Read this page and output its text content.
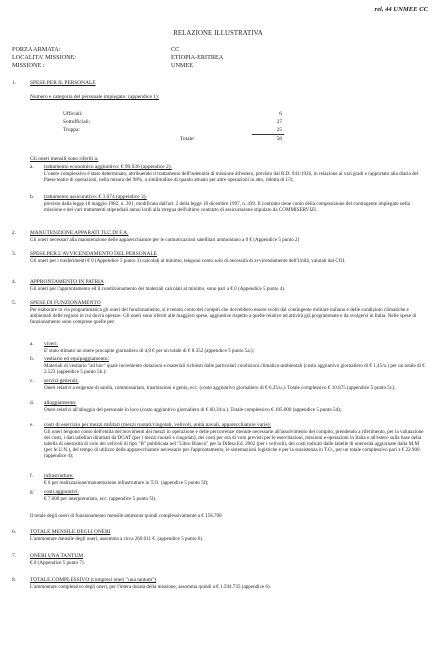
rel. 44 UNMEE CC
RELAZIONE ILLUSTRATIVA
FORZA ARMATA:	CC
LOCALITA' MISSIONE:	ETIOPIA-ERITREA
MISSIONE :	UNMEE
1.	SPESE PER IL PERSONALE
Numero e categoria del personale impiegato: (appendice 1):
Ufficiali:	6
Sottufficiali:	27
Truppa:	25
Totale:	58
Gli oneri mensili sono riferiti a:
a. trattamento economico aggiuntivo: € 99.636 (appendice 2).
L'onere complessivo è stato determinato, attribuendo il trattamento dell'indennità di missione all'estero, previsto dal R.D. 941/1926, in relazione ai vari gradi e rapportato alla diaria del Paese teatro di operazioni, nella misura del 98%, a similitudine di quanto attuato per altre operazioni in atto, ridotta di 1/3;
b. trattamento assicurativo: € 3.674 (appendice 3).
previsto dalla legge 18 maggio 1982, n. 301, modificata dall'art. 2 della legge 18 dicembre 1997, n. 439. Il contratto tiene conto della composizione del contingente impiegato nella missione e dei vari trattamenti stipendiali annui lordi alla stregua dell'ultimo contratto di assicurazione stipulato da COMMISERVIZI.
2.	MANUTENZIONE APPARATI TLC DI F.A.
Gli oneri necessari alla manutenzione delle apparecchiature per le comunicazioni satellitari ammontano a 0 € (Appendice 5 punto 2)
3.	SPESE PER L'AVVICENDAMENTO DEL PERSONALE
Gli oneri per i trasferimenti € 0 (Appendice 5 punto 3) calcolati al minimo, tengono conto solo di necessità di avvicendamento dell'Unità, valutati dal COI.
4.	APPRONTAMENTO IN PATRIA
Gli oneri per l'approntamento ed il condizionamento dei materiali calcolati al minimo, sono pari a € 0 (Appendice 5 punto 4).
5.	SPESE DI FUNZIONAMENTO
Per elaborare in via programmatica gli oneri del funzionamento, si è tenuto conto dei compiti che dovrebbero essere svolti dal contingente militare italiano e delle condizioni climatiche e ambientali delle regioni in cui dovrà operare. Gli oneri sono riferiti alle maggiori spese, aggiuntive rispetto a quelle relative ad attività già programmate e da svolgersi in Italia. Nelle spese di funzionamento sono comprese quelle per:
a. viveri:
E' stato stimato un onere procapite giornaliero di 4,8 € per un totale di € 8.352 (appendice 5 punto 5a.);
b. vestiario ed equipaggiamento:
Materiali di vestiario "ad hoc" quale incremento dotazioni e materiali richiesti dalle particolari condizioni climatico-ambientali (costo aggiuntivo giornaliero di € 1,45/u.) per un totale di € 2.523 (appendice 5 punto 5b.);
c. servizi generali:
Oneri relativi a esigenze di sanità, commissariato, trasmissioni e genio, ecc. (costo aggiuntivo giornaliero di € 6,25/u.). Totale complessivo € 10.875 (appendice 5 punto 5c);
d. alloggiamento:
Oneri relativi all'alloggio del personale in loco (costo aggiuntivo giornaliero di € 60,34/u.). Totale complessivo € 105.000 (appendice 5 punto 5d);
e. costi di esercizio per mezzi militari (mezzi ruotati/cingolati, velivoli, unità navali, apparecchiature varie):
Gli oneri tengono conto dell'entità dei movimenti dei mezzi in operazione e delle percorrenze ritenute necessarie all'assolvimento del compito, prendendo a riferimento, per la valutazione dei costi, i dati tabellari diramati da DGAT (per i mezzi ruotati e cingolati), dei costi per ora di volo previsti per le esercitazioni, missioni e operazioni in Italia e all'estero sulla base della tabella di onerosità di volo dei velivoli di tipo "B" pubblicata nel "Libro Bianco" per la Difesa Ed. 2002 (per i velivoli), dei costi indicati dalle tabelle di onerosità aggiornate dalla M.M (per le U.N.), del tempo di utilizzo delle apparecchiature necessarie per l'approntamento, le sistemazioni logistiche e per la sussistenza in T.O., per un totale complessivo pari a € 22.900 (appendice 4);
f. infrastrutture:
€ 0 per realizzazione/manutenzione infrastrutture in T.O. (appendice 5 punto 5f);
g. costi aggiuntivi:
€ 7.000 per interpretariato, ecc. (appendice 5 punto 5l).
Il totale degli oneri di funzionamento mensile ammonta quindi complessivamente a € 156.700
6.	TOTALE MENSILE DEGLI ONERI
L'ammontare mensile degli oneri, assomma a circa 260.011 €. (appendice 5 punto 6).
7.	ONERI UNA TANTUM
€ 0 (Appendice 5 punto 7).
8.	TOTALE COMPLESSIVO (compresi oneri "una tantum")
L'ammontare complessivo degli oneri, per l'intera durata della missione, assomma quindi a € 1.594.735 (appendice 6).
